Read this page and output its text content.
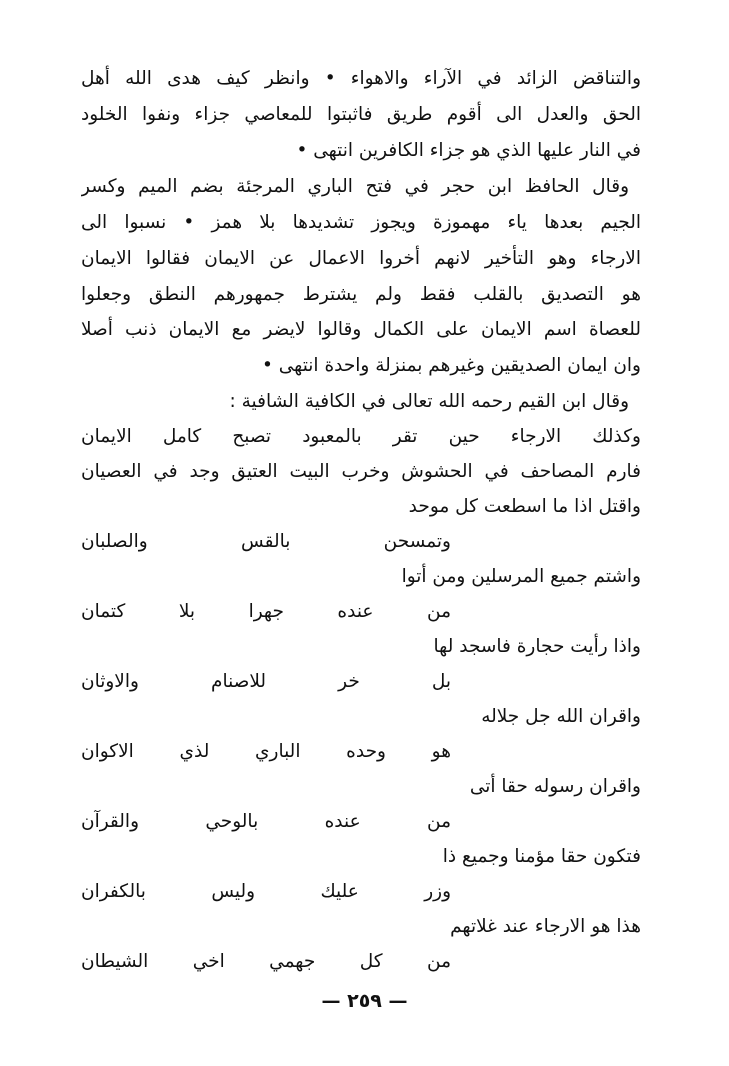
والتناقض الزائد في الآراء والاهواء • وانظر كيف هدى الله أهل
الحق والعدل الى أقوم طريق فاثبتوا للمعاصي جزاء ونفوا الخلود
في النار عليها الذي هو جزاء الكافرين انتهى •
وقال الحافظ ابن حجر في فتح الباري المرجئة بضم الميم وكسر
الجيم بعدها ياء مهموزة ويجوز تشديدها بلا همز • نسبوا الى
الارجاء وهو التأخير لانهم أخروا الاعمال عن الايمان فقالوا الايمان
هو التصديق بالقلب فقط ولم يشترط جمهورهم النطق وجعلوا
للعصاة اسم الايمان على الكمال وقالوا لايضر مع الايمان ذنب أصلا
وان ايمان الصديقين وغيرهم بمنزلة واحدة انتهى •
وقال ابن القيم رحمه الله تعالى في الكافية الشافية :
وكذلك الارجاء حين تقر بالمعبود تصبح كامل الايمان
فارم المصاحف في الحشوش وخرب البيت العتيق وجد في العصيان
واقتل اذا ما اسطعت كل موحد
وتمسحن بالقس والصلبان
واشتم جميع المرسلين ومن أتوا
من عنده جهرا بلا كتمان
واذا رأيت حجارة فاسجد لها
بل خر للاصنام والاوثان
واقران الله جل جلاله
هو وحده الباري لذي الاكوان
واقران رسوله حقا أتى
من عنده بالوحي والقرآن
فتكون حقا مؤمنا وجميع ذا
وزر عليك وليس بالكفران
هذا هو الارجاء عند غلاتهم
من كل جهمي اخي الشيطان
— ٢٥٩ —
